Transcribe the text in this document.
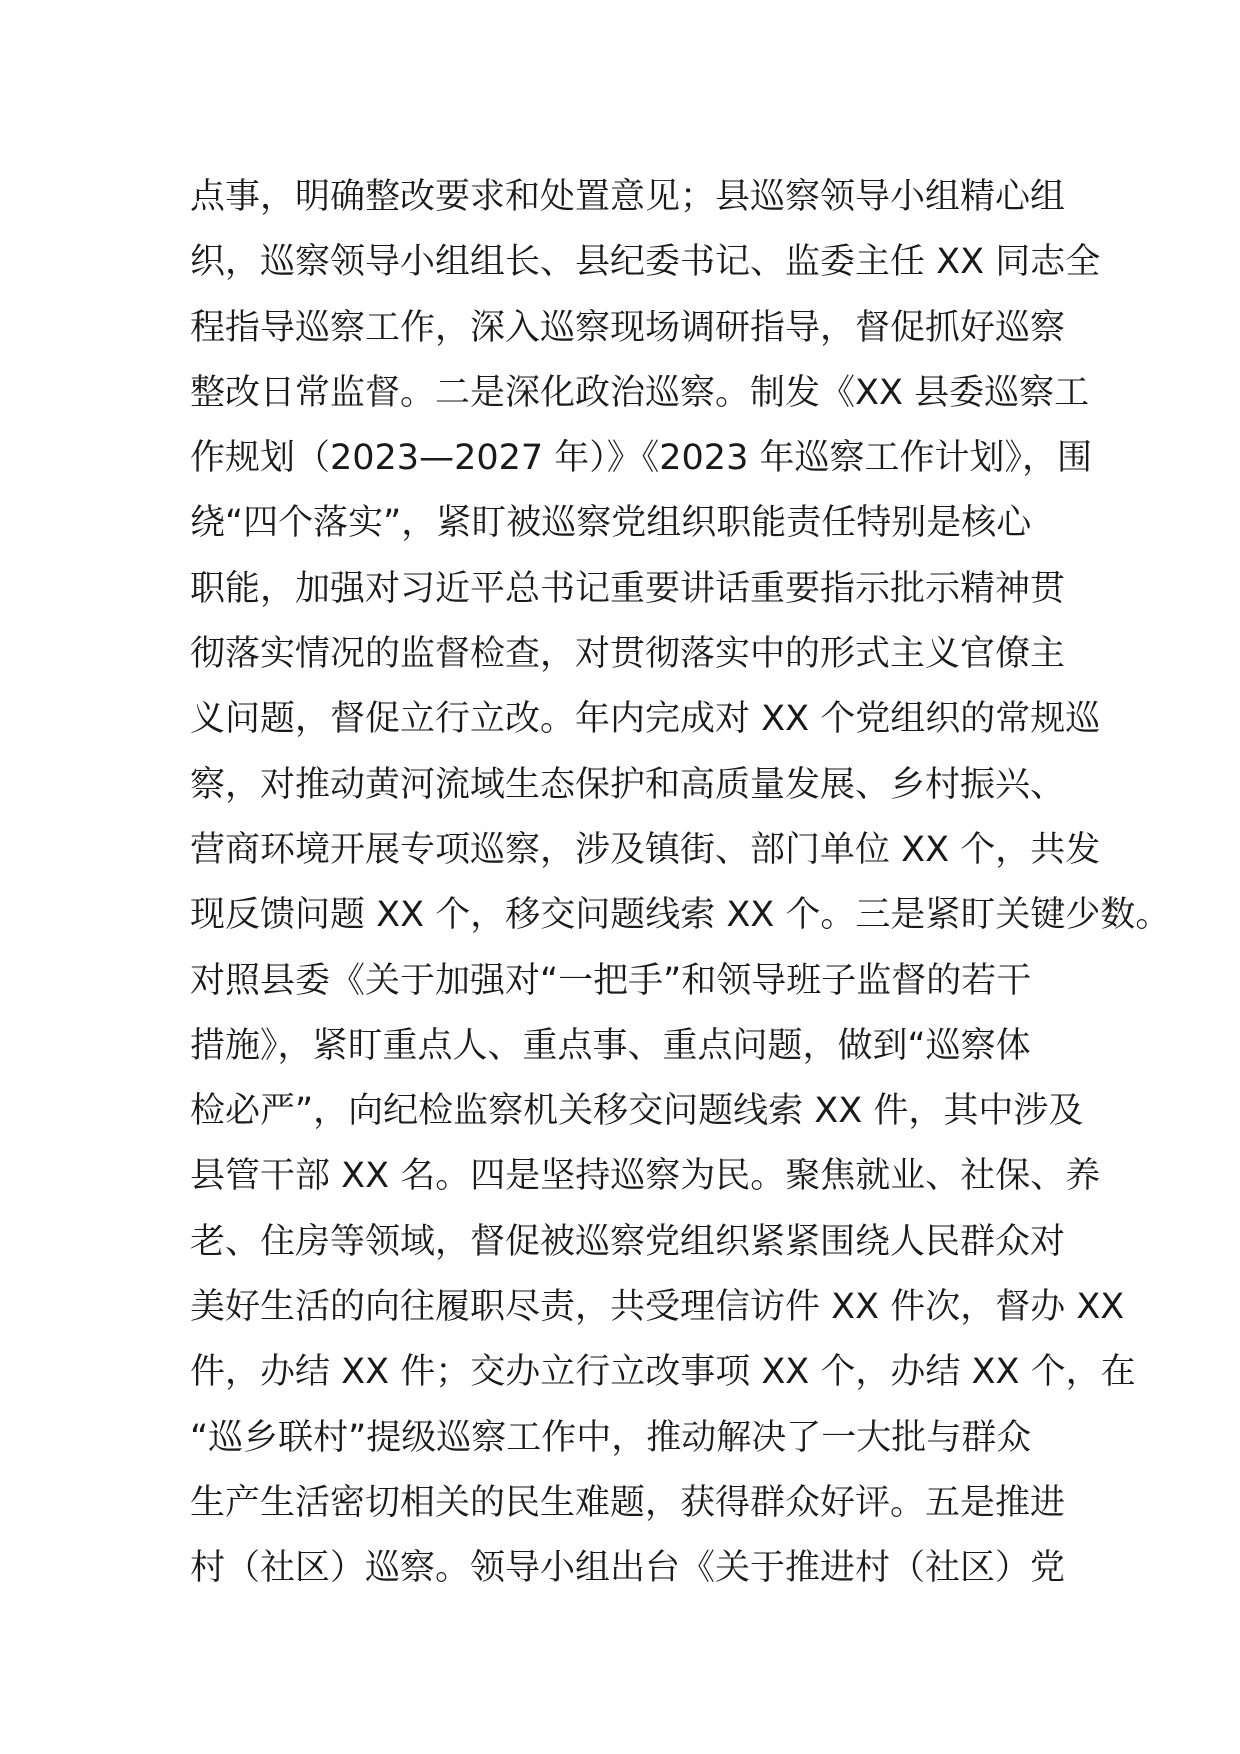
点事，明确整改要求和处置意见；县巡察领导小组精心组
织，巡察领导小组组长、县纪委书记、监委主任 XX 同志全
程指导巡察工作，深入巡察现场调研指导，督促抓好巡察
整改日常监督。二是深化政治巡察。制发《XX 县委巡察工
作规划（2023—2027 年）》《2023 年巡察工作计划》，围
绕“四个落实”，紧盯被巡察党组织职能责任特别是核心
职能，加强对习近平总书记重要讲话重要指示批示精神贯
彻落实情况的监督检查，对贯彻落实中的形式主义官僚主
义问题，督促立行立改。年内完成对 XX 个党组织的常规巡
察，对推动黄河流域生态保护和高质量发展、乡村振兴、
营商环境开展专项巡察，涉及镇街、部门单位 XX 个，共发
现反馈问题 XX 个，移交问题线索 XX 个。三是紧盯关键少数。
对照县委《关于加强对“一把手”和领导班子监督的若干
措施》，紧盯重点人、重点事、重点问题，做到“巡察体
检必严”，向纪检监察机关移交问题线索 XX 件，其中涉及
县管干部 XX 名。四是坚持巡察为民。聚焦就业、社保、养
老、住房等领域，督促被巡察党组织紧紧围绕人民群众对
美好生活的向往履职尽责，共受理信访件 XX 件次，督办 XX
件，办结 XX 件；交办立行立改事项 XX 个，办结 XX 个，在
“巡乡联村”提级巡察工作中，推动解决了一大批与群众
生产生活密切相关的民生难题，获得群众好评。五是推进
村（社区）巡察。领导小组出台《关于推进村（社区）党
